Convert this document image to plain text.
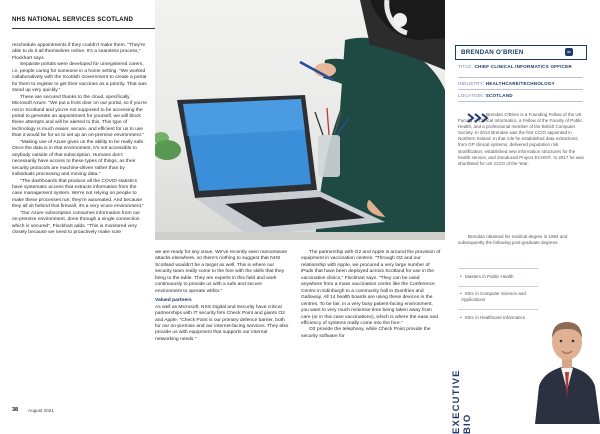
NHS NATIONAL SERVICES SCOTLAND

reschedule appointments if they couldn't make them. "They're able to do it all themselves online. It's a seamless process," Flockhart says.

Separate portals were developed for unregistered carers, i.e. people caring for someone in a home setting. "We worked collaboratively with the Scottish Government to create a portal for them to register to get their vaccines as a priority. That was stood up very quickly."

These are secured thanks to the cloud, specifically Microsoft Azure. "We put a front door on our portal, so if you're not in Scotland and you're not supposed to be accessing the portal to generate an appointment for yourself, we will block these attempts and will be alerted to this. This type of technology is much easier, secure, and efficient for us to use than it would be for us to set up an on-premise environment."

"Making use of Azure gives us the ability to be really safe. Once the data is in that environment, it's not accessible to anybody outside of that subscription. Humans don't necessarily have access to these types of things, as their security protocols are machine-driven rather than by individuals processing and moving data."

"The dashboards that produce all the COVID statistics have systematic access that extracts information from the case management system. We're not relying on people to make these processes run; they're automated. And because they all sit behind that firewall, it's a very ecure environment."

"Our Azure subscription consumes information from our on-premise environment, done through a single connection which is secured", Flockhart adds. "This is monitored very closely because we need to proactively make sure

we are ready for any issue. We've recently seen ransomware attacks elsewhere, so there's nothing to suggest that NHS Scotland wouldn't be a target as well. This is where our security team really come to the fore with the skills that they bring to the table. They are experts in this field and work continuously to provide us with a safe and secure environment to operate within."

Valued partners

As well as Microsoft, NSS Digital and Security have critical partnerships with IT security firm Check Point and giants O2 and Apple. "Check Point is our primary defence barrier, both for our on-premise and our internet-facing services. They also provide us with equipment that supports our internal networking needs."

The partnership with O2 and Apple is around the provision of equipment in vaccination centres. "Through O2 and our relationship with Apple, we procured a very large number of iPads that have been deployed across Scotland for use in the vaccination clinics," Flockhart says. "They can be used anywhere from a mass vaccination centre like the Conference Centre in Edinburgh to a community hall in Dumfries and Galloway. All 14 health boards are using these devices in the centres. To be fair, in a very busy patient-facing environment, you want to very much minimise time being taken away from care (or in this case vaccinations), which is where the ease and efficiency of systems really come into the fore."

O2 provide the telephony, while Check Point provide the security software for

38 August 2021
BRENDAN O'BRIEN	in
TITLE: CHIEF CLINICAL INFORMATICS OFFICER
INDUSTRY: HEALTHCARE/TECHNOLOGY
LOCATION: SCOTLAND

Brendan O'Brien is a Founding Fellow of the UK Faculty of Clinical Informatics, a Fellow of the Faculty of Public Health, and a professional member of the British Computer Society. In 2013 Brendan was the first CCIO appointed in Northern Ireland. In that role he established data extractions from GP clinical systems, delivered population risk stratification; established new information structures for the health service; and introduced Project ECHO®. In 2017 he was shortlisted for UK CCIO of the Year.

Brendan obtained his medical degree in 1994 and subsequently the following post-graduate degrees:

• Masters in Public Health

• MSc in Computer Science and Applications

• MSc in Healthcare Informatics

EXECUTIVE BIO
